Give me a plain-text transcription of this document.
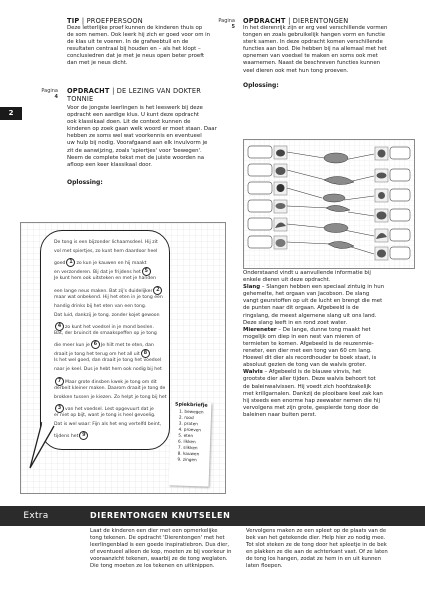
2
Pagina
4
TIP | PROEFPERSOON
Deze letterlijke proef kunnen de kinderen thuis op
de som nemen. Ook leerk hij zich er goed voor om in
de klas uit te voeren. In de grafwebtuil en de
resultaten centraal bij houden en – als het klopt –
conclusiedren dat je met je neus open beter proeft
dan met je neus dicht.
OPDRACHT | DE LEZING VAN DOKTER
TONNIE
Voor de jongste leerlingen is het leeswerk bij deze
opdracht een aardige klus. U kunt deze opdracht
ook klassikaal doen. Lit de context kunnen de
kinderen op zoek gaan welk woord er moet staan. Daar
hebben ze soms wel wat voorkennis en eventueel
uw hulp bij nodig. Voorafgaand aan elk invulvorm je
zit de aanwijzing, zoals 'spiertjes' voor 'bewegen'.
Neem de complete tekst met de juiste woorden na
afloop een keer klassikaal door.
Oplossing:
De tong is een bijzonder lichaamsdeel. Hij zit
vol met spiertjes, zo kunt hem daardoor heel
goed 1 zo kun je kauwen en hij maakt
en verzonderen. Bij dat je frijdens het 5
Je kunt hem ook uitsteken en met je handen
een lange neus maken. Bat zij's duidelijker 2
maar wat onbekend. Hij het eten in je tong een
handig drinks bij het eten van een tong.
Dat luid, dankzij je tong. zonder kojet gewoon
4 zo kunt het voedsel in je mond beslen.
Bat, der bruincit de smaakspeffen op je tong
die meer kun je 6 Je hilt met te eten, dan
draait je tong het terug om het all uit 8
Is het wel goed, dan draait je tong het voedsel
naar je keel. Dus je hebt hem ook nodig bij het
7 Maar grote dinsben kwek je tong om dit
derbeit kleiner maken. Daarom draait je tong de
brokken tussen je kiezen. Zo helpt je tong bij het
3 van het voedsel. Lest opgevuurt dat je
er niet op bijt, want je tong is heel gevoelig.
Dat is wel waar: Fijn als het eng vertelfd beint,
tijdens het 9
Spiekbriefje
1. bewegen
2. rood
3. praten
4. proeven
5. eten
6. likken
7. slikken
8. kauwen
9. zingen
Pagina
5
OPDRACHT | DIERENTONGEN
In het dierenrijk zijn er erg veel verschillende vormen
tongen en zoals gebruikelijk hangen vorm en functie
sterk samen. In deze opdracht komen verschillende
functies aan bod. Die hebben bij na allemaal met het
opnemen van voedsel te maken en soms ook met
waarnemen. Naast de beschreven functies kunnen
veel dieren ook met hun tong proeven.
Oplossing:
Onderstaand vindt u aanvullende informatie bij
enkele dieren uit deze opdracht.
Slang – Slangen hebben een speciaal zintuig in hun
gehemelte, het orgaan van Jacobson. De slang
vangt geurstoffen op uit de lucht en brengt die met
de punten naar dit orgaan. Afgebeeld is de
ringslang, de meest algemene slang uit ons land.
Deze slang leeft in en rond zoet water.
Miereneter – De lange, dunne tong maakt het
mogelijk om diep in een nest van mieren of
termieten te komen. Afgebeeld is de reuzenmie-
reneter, een dier met een tong van 60 cm lang.
Hoewel dit dier als recordhouder te boek staat, is
absoluut gezien de tong van de walvis groter.
Walvis – Afgebeeld is de blauwe vinvis, het
grootste dier aller tijden. Deze walvis behoort tot
de baleinwalvissen. Hij voedt zich hoofdzakelijk
met krillgarnalen. Dankzij de plooibare keel zak kan
hij steeds een enorme hap zeewater nemen die hij
vervolgens met zijn grote, gespierde tong door de
baleinen naar buiten perst.
Extra	DIERENTONGEN KNUTSELEN
Laat de kinderen een dier met een opmerkelijke
tong tekenen. De opdracht 'Dierentongen' met het
leerlingenblad is een goede inspiratiebron. Dus dier,
of eventueel alleen de kop, moeten ze bij voorkeur in
vooraanzicht tekenen, waarbij ze de tong weglaten.
Die tong moeten ze los tekenen en uitknippen.
Vervolgens maken ze een spleet op de plaats van de
bek van het getekende dier. Help hier zo nodig mee.
Tot slot steken ze de tong door het spleetje in de bek
en plakken ze die aan de achterkant vast. Of ze laten
de tong los hangen, zodat ze hem in en uit kunnen
laten floepen.
